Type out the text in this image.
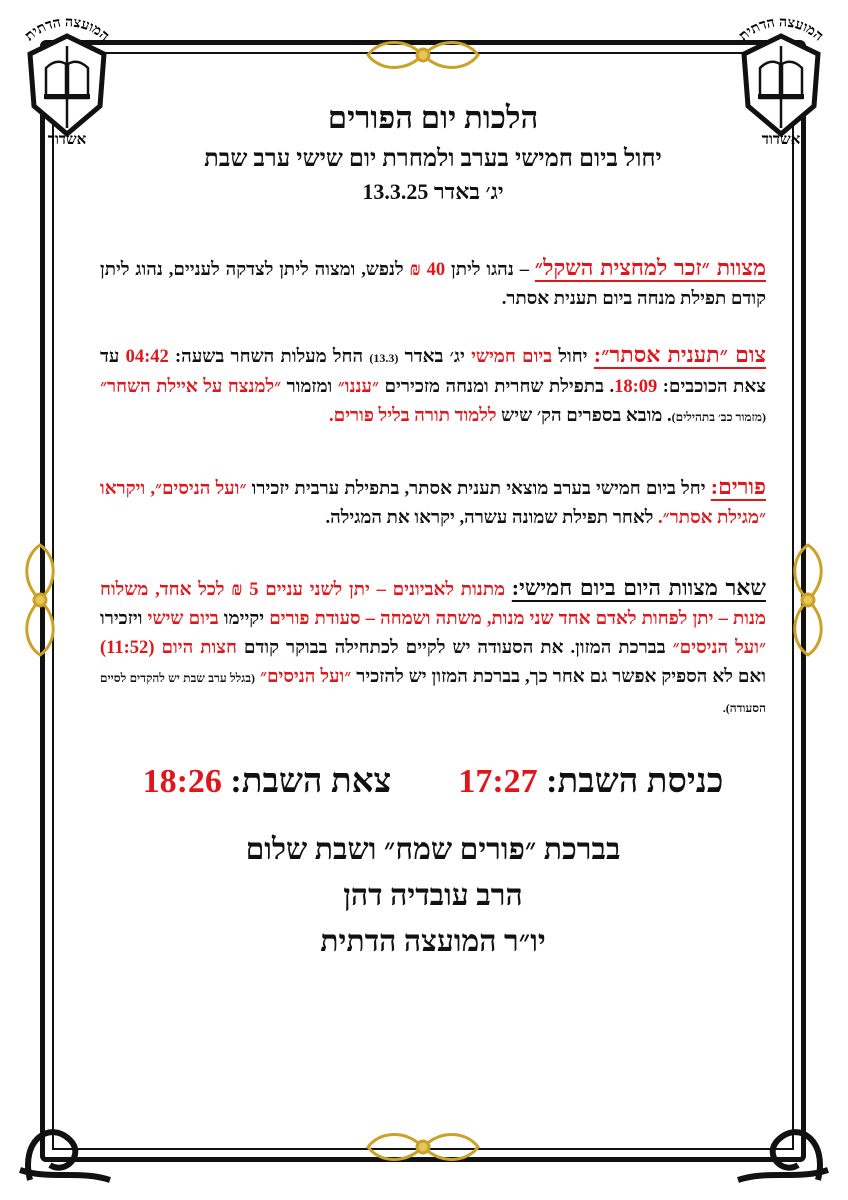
המועצה הדתית
אשדוד
המועצה הדתית
אשדוד
הלכות יום הפורים
יחול ביום חמישי בערב ולמחרת יום שישי ערב שבת
יג׳ באדר 13.3.25
מצוות ״זכר למחצית השקל״ – נהגו ליתן 40 ₪ לנפש, ומצוה ליתן לצדקה לעניים, נהוג ליתן קודם תפילת מנחה ביום תענית אסתר.
צום ״תענית אסתר״: יחול ביום חמישי יג׳ באדר (13.3) החל מעלות השחר בשעה: 04:42 עד צאת הכוכבים: 18:09. בתפילת שחרית ומנחה מזכירים ״עננו״ ומזמור ״למנצח על איילת השחר״ (מזמור כב׳ בתהילים). מובא בספרים הק׳ שיש ללמוד תורה בליל פורים.
פורים: יחל ביום חמישי בערב מוצאי תענית אסתר, בתפילת ערבית יזכירו ״ועל הניסים״, ויקראו ״מגילת אסתר״. לאחר תפילת שמונה עשרה, יקראו את המגילה.
שאר מצוות היום ביום חמישי: מתנות לאביונים – יתן לשני עניים 5 ₪ לכל אחד, משלוח מנות – יתן לפחות לאדם אחד שני מנות, משתה ושמחה – סעודת פורים יקיימו ביום שישי ויזכירו ״ועל הניסים״ בברכת המזון. את הסעודה יש לקיים לכתחילה בבוקר קודם חצות היום (11:52) ואם לא הספיק אפשר גם אחר כך, בברכת המזון יש להזכיר ״ועל הניסים״ (בגלל ערב שבת יש להקדים לסיים הסעודה).
כניסת השבת: 17:27  צאת השבת: 18:26
בברכת ״פורים שמח״ ושבת שלום
הרב עובדיה דהן
יו״ר המועצה הדתית
